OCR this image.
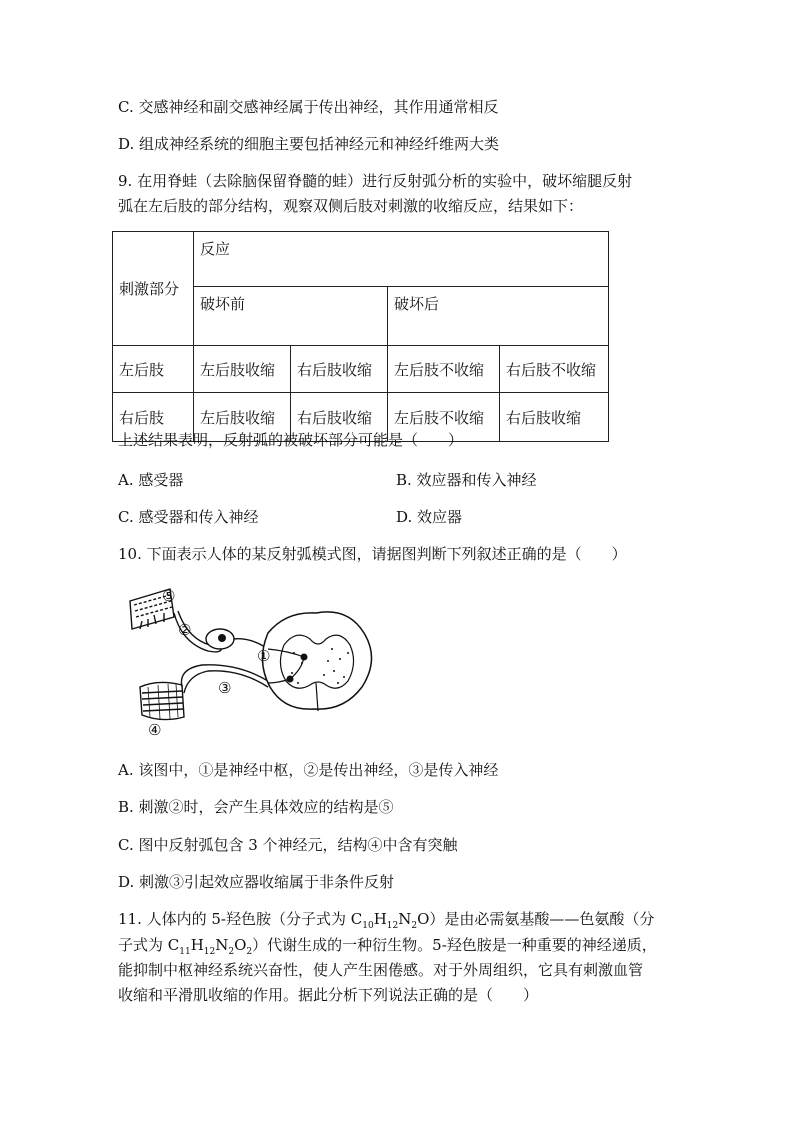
C. 交感神经和副交感神经属于传出神经，其作用通常相反
D. 组成神经系统的细胞主要包括神经元和神经纤维两大类
9. 在用脊蛙（去除脑保留脊髓的蛙）进行反射弧分析的实验中，破坏缩腿反射
弧在左后肢的部分结构，观察双侧后肢对刺激的收缩反应，结果如下：
刺激部分	反应			
	破坏前		破坏后	
左后肢	左后肢收缩	右后肢收缩	左后肢不收缩	右后肢不收缩
右后肢	左后肢收缩	右后肢收缩	左后肢不收缩	右后肢收缩
上述结果表明，反射弧的被破坏部分可能是（　　）
A. 感受器	B. 效应器和传入神经
C. 感受器和传入神经	D. 效应器
10. 下面表示人体的某反射弧模式图，请据图判断下列叙述正确的是（　　）
①
②
③
④
⑤
A. 该图中，①是神经中枢，②是传出神经，③是传入神经
B. 刺激②时，会产生具体效应的结构是⑤
C. 图中反射弧包含 3 个神经元，结构④中含有突触
D. 刺激③引起效应器收缩属于非条件反射
11. 人体内的 5-羟色胺（分子式为 $C_{10}H_{12}N_2O$）是由必需氨基酸——色氨酸（分
子式为 $C_{11}H_{12}N_2O_2$）代谢生成的一种衍生物。5-羟色胺是一种重要的神经递质，
能抑制中枢神经系统兴奋性，使人产生困倦感。对于外周组织，它具有刺激血管
收缩和平滑肌收缩的作用。据此分析下列说法正确的是（　　）
